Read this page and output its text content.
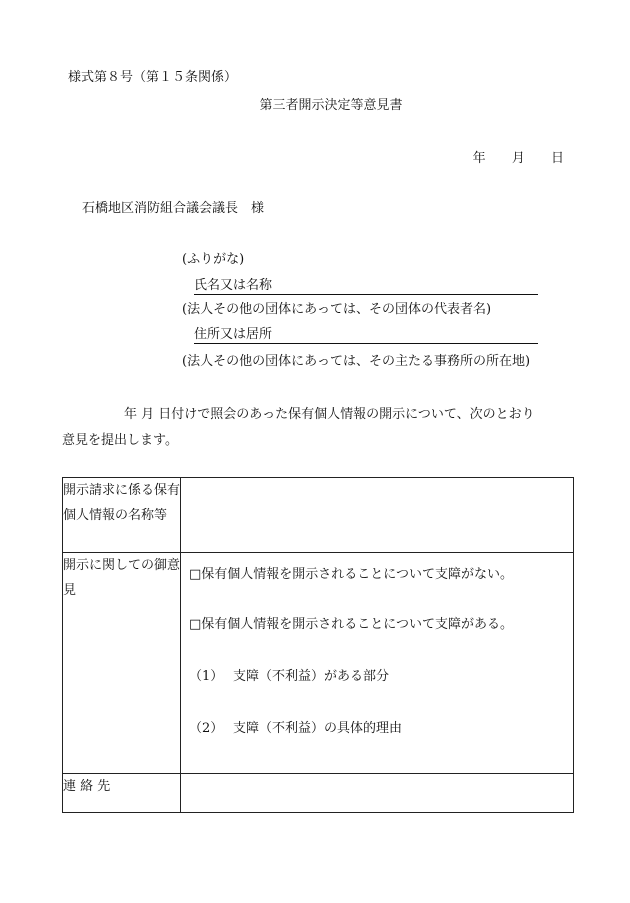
様式第８号（第１５条関係）
第三者開示決定等意見書
年 月 日
石橋地区消防組合議会議長　様
(ふりがな)
氏名又は名称
(法人その他の団体にあっては、その団体の代表者名)
住所又は居所
(法人その他の団体にあっては、その主たる事務所の所在地)
年 月 日付けで照会のあった保有個人情報の開示について、次のとおり
意見を提出します。
開示請求に係る保有個人情報の名称等	
開示に関しての御意見	□保有個人情報を開示されることについて支障がない。
□保有個人情報を開示されることについて支障がある。
（1） 支障（不利益）がある部分
（2） 支障（不利益）の具体的理由

連 絡 先	
